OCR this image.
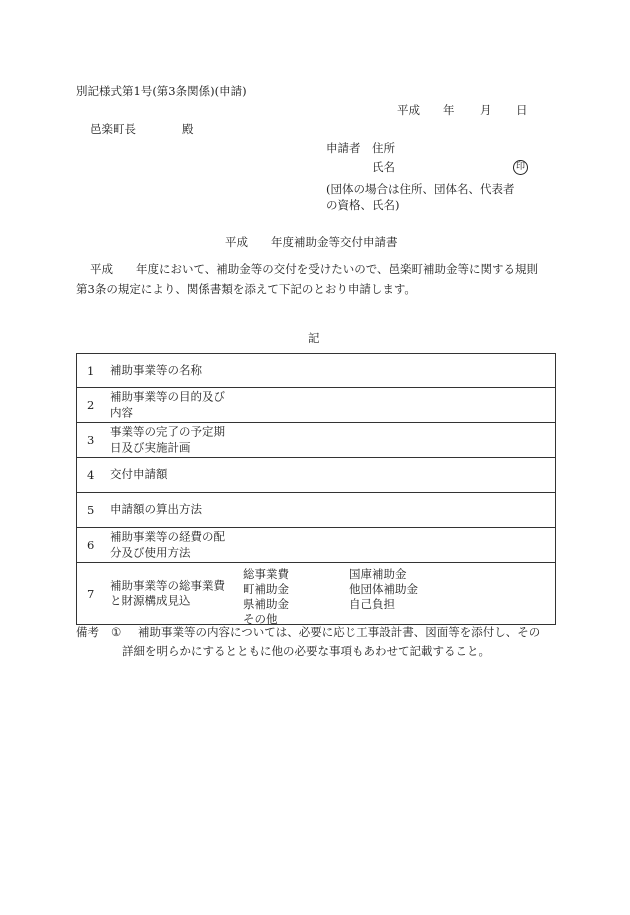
別記様式第1号(第3条関係)(申請)
平成 年 月 日
邑楽町長	殿
申請者 住所
氏名	印
(団体の場合は住所、団体名、代表者
の資格、氏名)
平成 年度補助金等交付申請書
平成 年度において、補助金等の交付を受けたいので、邑楽町補助金等に関する規則
第3条の規定により、関係書類を添えて下記のとおり申請します。
記
1 補助事業等の名称

2
補助事業等の目的及び内容

3
事業等の完了の予定期日及び実施計画

4 交付申請額

5 申請額の算出方法

6
補助事業等の経費の配分及び使用方法

7
補助事業等の総事業費と財源構成見込
総事業費	国庫補助金
町補助金	他団体補助金
県補助金	自己負担
その他
備考 ① 補助事業等の内容については、必要に応じ工事設計書、図面等を添付し、その
詳細を明らかにするとともに他の必要な事項もあわせて記載すること。
